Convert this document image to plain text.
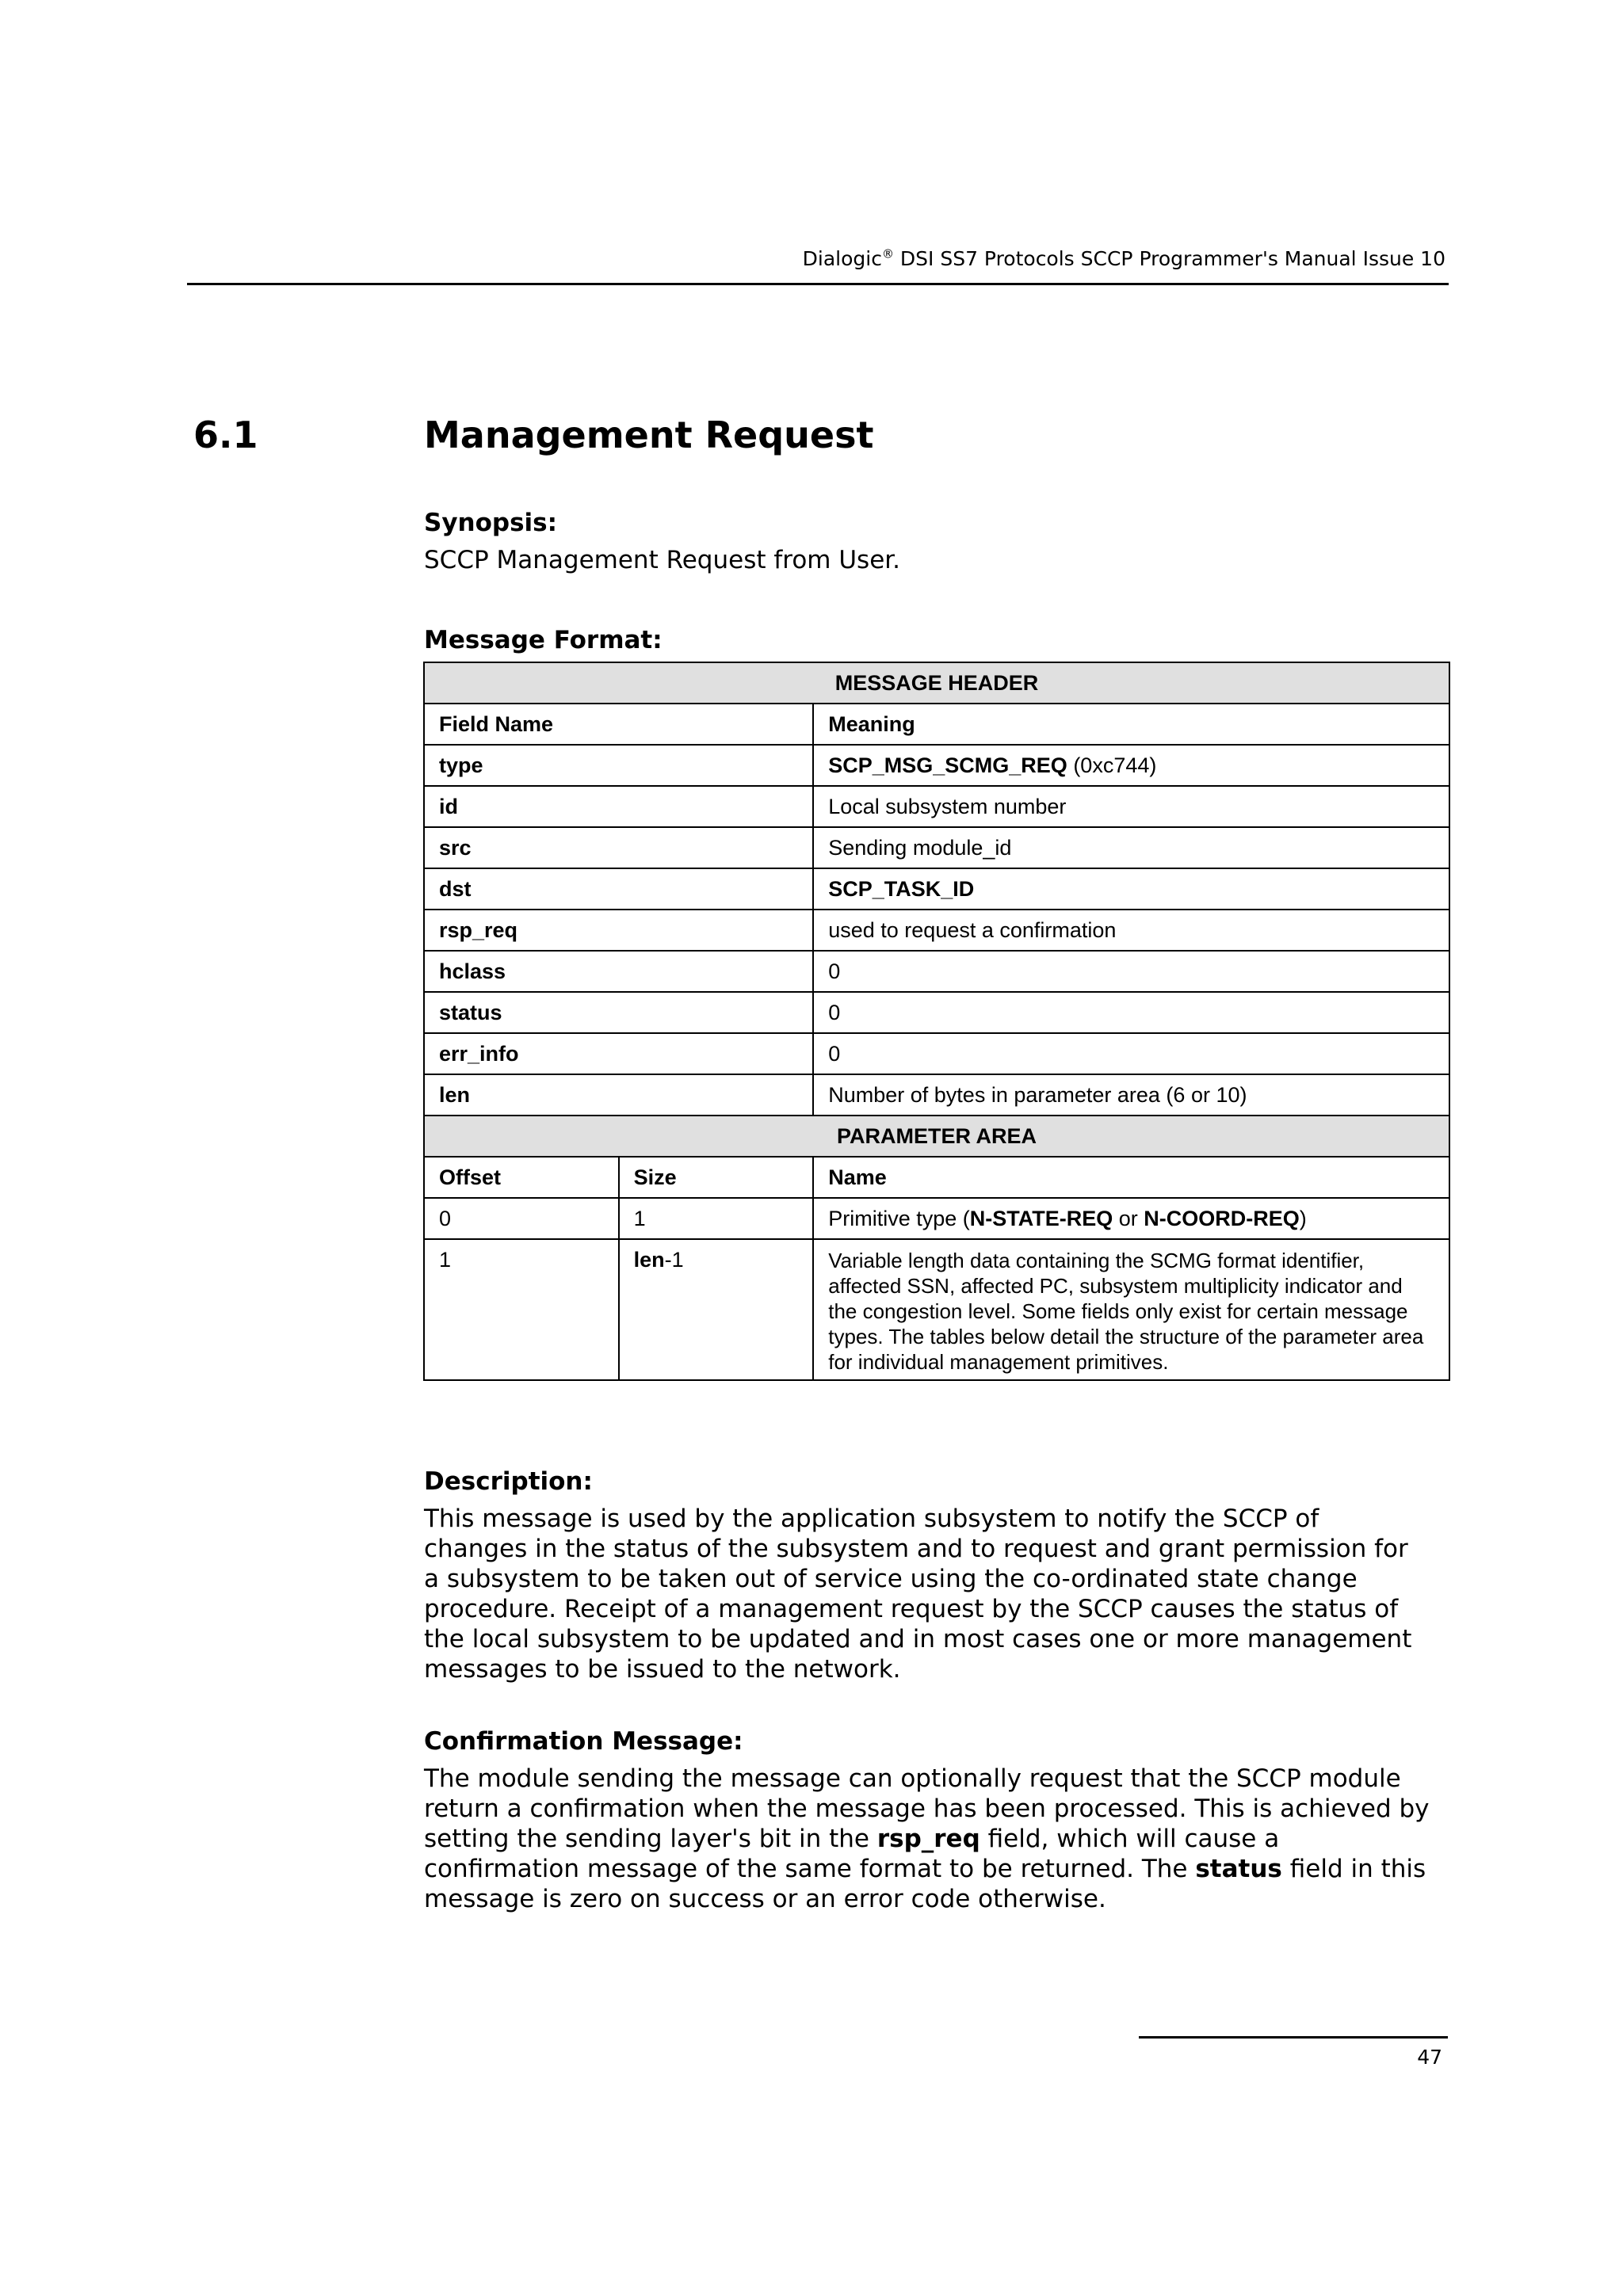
Dialogic® DSI SS7 Protocols SCCP Programmer's Manual Issue 10
6.1	Management Request
Synopsis:
SCCP Management Request from User.
Message Format:
MESSAGE HEADER		
Field Name		Meaning
type		SCP_MSG_SCMG_REQ (0xc744)
id		Local subsystem number
src		Sending module_id
dst		SCP_TASK_ID
rsp_req		used to request a confirmation
hclass		0
status		0
err_info		0
len		Number of bytes in parameter area (6 or 10)
PARAMETER AREA		
Offset	Size	Name
0	1	Primitive type (N-STATE-REQ or N-COORD-REQ)
1	len-1	Variable length data containing the SCMG format identifier, affected SSN, affected PC, subsystem multiplicity indicator and the congestion level. Some fields only exist for certain message types. The tables below detail the structure of the parameter area for individual management primitives.
Description:
This message is used by the application subsystem to notify the SCCP of
changes in the status of the subsystem and to request and grant permission for
a subsystem to be taken out of service using the co-ordinated state change
procedure. Receipt of a management request by the SCCP causes the status of
the local subsystem to be updated and in most cases one or more management
messages to be issued to the network.
Confirmation Message:
The module sending the message can optionally request that the SCCP module
return a confirmation when the message has been processed. This is achieved by
setting the sending layer's bit in the rsp_req field, which will cause a
confirmation message of the same format to be returned. The status field in this
message is zero on success or an error code otherwise.
47
